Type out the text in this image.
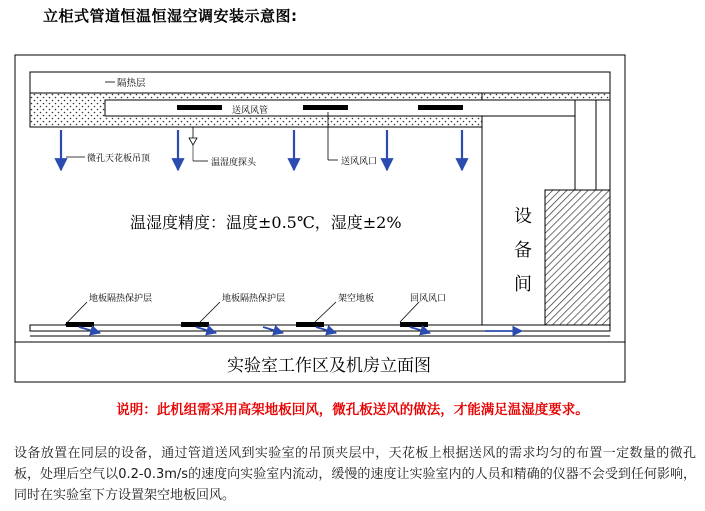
立柜式管道恒温恒湿空调安装示意图:
隔热层
送风风管
微孔天花板吊顶	温湿度探头	送风风口
温湿度精度：温度±0.5℃，湿度±2%	设
备
间
地板隔热保护层	地板隔热保护层	架空地板	回风风口
实验室工作区及机房立面图
说明：此机组需采用高架地板回风，微孔板送风的做法，才能满足温湿度要求。

设备放置在同层的设备，通过管道送风到实验室的吊顶夹层中，天花板上根据送风的需求均匀的布置一定数量的微孔板，处理后空气以0.2-0.3m/s的速度向实验室内流动，缓慢的速度让实验室内的人员和精确的仪器不会受到任何影响，同时在实验室下方设置架空地板回风。
